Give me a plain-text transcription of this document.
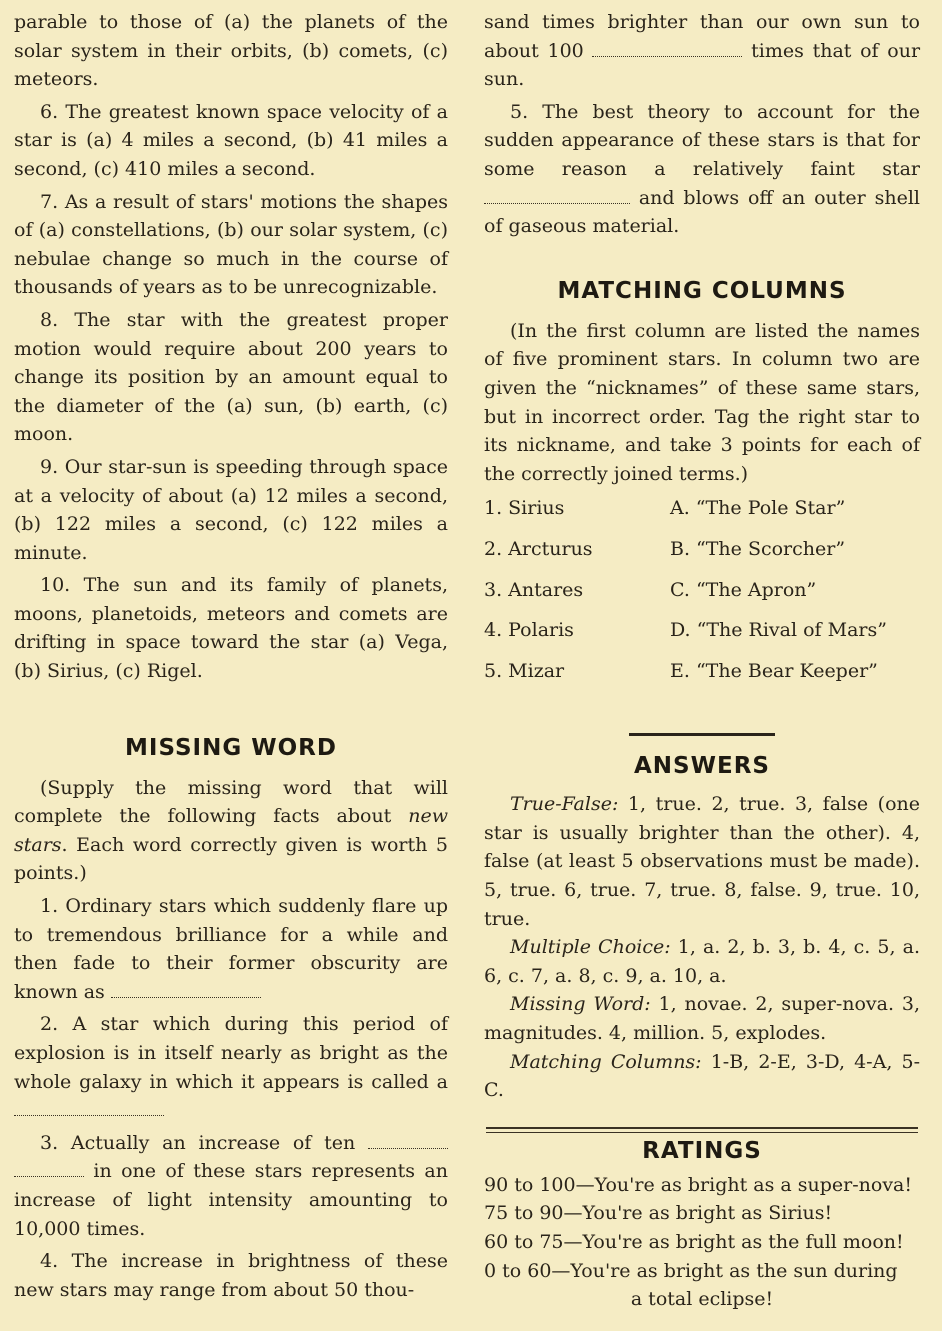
parable to those of (a) the planets of the solar system in their orbits, (b) comets, (c) meteors.

6. The greatest known space velocity of a star is (a) 4 miles a second, (b) 41 miles a second, (c) 410 miles a second.

7. As a result of stars' motions the shapes of (a) constellations, (b) our solar system, (c) nebulae change so much in the course of thousands of years as to be unrecognizable.

8. The star with the greatest proper motion would require about 200 years to change its position by an amount equal to the diameter of the (a) sun, (b) earth, (c) moon.

9. Our star-sun is speeding through space at a velocity of about (a) 12 miles a second, (b) 122 miles a second, (c) 122 miles a minute.

10. The sun and its family of planets, moons, planetoids, meteors and comets are drifting in space toward the star (a) Vega, (b) Sirius, (c) Rigel.

MISSING WORD

(Supply the missing word that will complete the following facts about new stars. Each word correctly given is worth 5 points.)

1. Ordinary stars which suddenly flare up to tremendous brilliance for a while and then fade to their former obscurity are known as

2. A star which during this period of explosion is in itself nearly as bright as the whole galaxy in which it appears is called a

3. Actually an increase of ten   in one of these stars represents an increase of light intensity amounting to 10,000 times.

4. The increase in brightness of these new stars may range from about 50 thou-

sand times brighter than our own sun to about 100	times that of our sun.

5. The best theory to account for the sudden appearance of these stars is that for some reason a relatively faint star  and blows off an outer shell of gaseous material.

MATCHING COLUMNS

(In the first column are listed the names of five prominent stars. In column two are given the “nicknames” of these same stars, but in incorrect order. Tag the right star to its nickname, and take 3 points for each of the correctly joined terms.)

1. Sirius	A. “The Pole Star”
2. Arcturus	B. “The Scorcher”
3. Antares	C. “The Apron”
4. Polaris	D. “The Rival of Mars”
5. Mizar	E. “The Bear Keeper”
ANSWERS

True-False: 1, true. 2, true. 3, false (one star is usually brighter than the other). 4, false (at least 5 observations must be made). 5, true. 6, true. 7, true. 8, false. 9, true. 10, true.

Multiple Choice: 1, a. 2, b. 3, b. 4, c. 5, a. 6, c. 7, a. 8, c. 9, a. 10, a.

Missing Word: 1, novae. 2, super-nova. 3, magnitudes. 4, million. 5, explodes.

Matching Columns: 1-B, 2-E, 3-D, 4-A, 5-C.

RATINGS

90 to 100—You're as bright as a super-nova!

75 to 90—You're as bright as Sirius!

60 to 75—You're as bright as the full moon!

0 to 60—You're as bright as the sun during

a total eclipse!
